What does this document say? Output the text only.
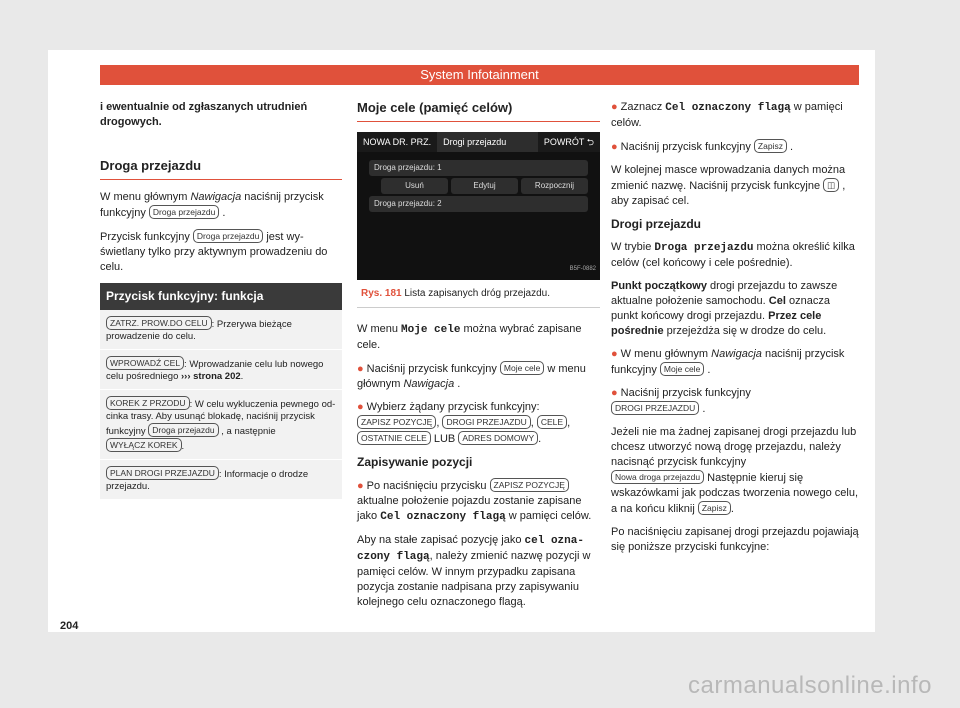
System Infotainment

i ewentualnie od zgłaszanych utrudnień drogowych.

Droga przejazdu

W menu głównym Nawigacja naciśnij przycisk funkcyjny Droga przejazdu .

Przycisk funkcyjny Droga przejazdu jest wyświetlany tylko przy aktywnym prowadzeniu do celu.

Przycisk funkcyjny: funkcja
ZATRZ. PROW.DO CELU : Przerywa bieżące prowadzenie do celu.
WPROWADŹ CEL : Wprowadzanie celu lub nowego celu pośredniego ››› strona 202.
KOREK Z PRZODU : W celu wykluczenia pewnego odcinka trasy. Aby usunąć blokadę, naciśnij przycisk funkcyjny Droga przejazdu , a następnie WYŁĄCZ KOREK .
PLAN DROGI PRZEJAZDU : Informacje o drodze przejazdu.
Moje cele (pamięć celów)
NOWA DR. PRZ.	Drogi przejazdu	POWRÓT ⮌
Droga przejazdu: 1
Usuń	Edytuj	Rozpocznij
Droga przejazdu: 2
B5F-0882
Rys. 181 Lista zapisanych dróg przejazdu.

W menu Moje cele można wybrać zapisane cele.

● Naciśnij przycisk funkcyjny Moje cele w menu głównym Nawigacja .

● Wybierz żądany przycisk funkcyjny:
ZAPISZ POZYCJĘ , DROGI PRZEJAZDU , CELE ,
OSTATNIE CELE LUB ADRES DOMOWY .

Zapisywanie pozycji

● Po naciśnięciu przycisku ZAPISZ POZYCJĘ aktualne położenie pojazdu zostanie zapisane jako Cel oznaczony flagą w pamięci celów.

Aby na stałe zapisać pozycję jako cel oznaczony flagą, należy zmienić nazwę pozycji w pamięci celów. W innym przypadku zapisana pozycja zostanie nadpisana przy zapisywaniu kolejnego celu oznaczonego flagą.

● Zaznacz Cel oznaczony flagą w pamięci celów.

● Naciśnij przycisk funkcyjny Zapisz .

W kolejnej masce wprowadzania danych można zmienić nazwę. Naciśnij przycisk funkcyjne ◫ , aby zapisać cel.

Drogi przejazdu

W trybie Droga przejazdu można określić kilka celów (cel końcowy i cele pośrednie).

Punkt początkowy drogi przejazdu to zawsze aktualne położenie samochodu. Cel oznacza punkt końcowy drogi przejazdu. Przez cele pośrednie przejeżdża się w drodze do celu.

● W menu głównym Nawigacja naciśnij przycisk funkcyjny Moje cele .

● Naciśnij przycisk funkcyjny
DROGI PRZEJAZDU .

Jeżeli nie ma żadnej zapisanej drogi przejazdu lub chcesz utworzyć nową drogę przejazdu, należy nacisnąć przycisk funkcyjny
Nowa droga przejazdu Następnie kieruj się wskazówkami jak podczas tworzenia nowego celu, a na końcu kliknij Zapisz .

Po naciśnięciu zapisanej drogi przejazdu pojawiają się poniższe przyciski funkcyjne:

204
carmanualsonline.info
